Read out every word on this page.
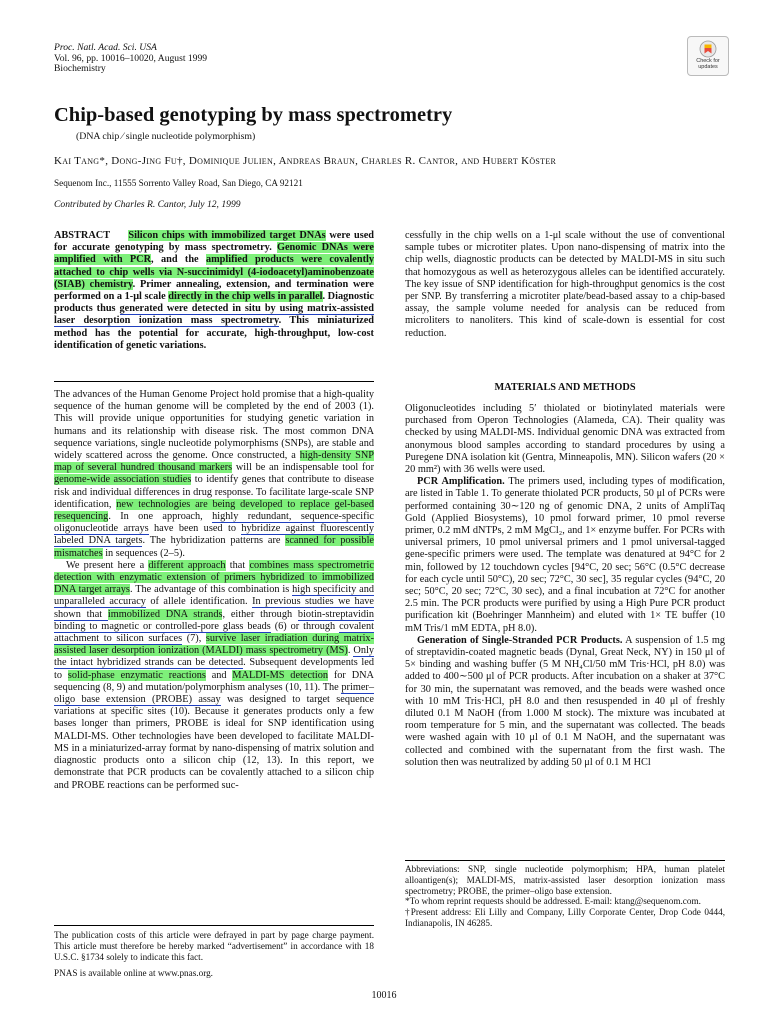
Proc. Natl. Acad. Sci. USA
Vol. 96, pp. 10016–10020, August 1999
Biochemistry
Check for updates
Chip-based genotyping by mass spectrometry
(DNA chip ⁄ single nucleotide polymorphism)
Kai Tang*, Dong-Jing Fu†, Dominique Julien, Andreas Braun, Charles R. Cantor, and Hubert Köster
Sequenom Inc., 11555 Sorrento Valley Road, San Diego, CA 92121
Contributed by Charles R. Cantor, July 12, 1999

ABSTRACT Silicon chips with immobilized target DNAs were used for accurate genotyping by mass spectrometry. Genomic DNAs were amplified with PCR, and the amplified products were covalently attached to chip wells via N-succinimidyl (4-iodoacetyl)aminobenzoate (SIAB) chemistry. Primer annealing, extension, and termination were performed on a 1-μl scale directly in the chip wells in parallel. Diagnostic products thus generated were detected in situ by using matrix-assisted laser desorption ionization mass spectrometry. This miniaturized method has the potential for accurate, high-throughput, low-cost identification of genetic variations.

The advances of the Human Genome Project hold promise that a high-quality sequence of the human genome will be completed by the end of 2003 (1). This will provide unique opportunities for studying genetic variation in humans and its relationship with disease risk. The most common DNA sequence variations, single nucleotide polymorphisms (SNPs), are stable and widely scattered across the genome. Once constructed, a high-density SNP map of several hundred thousand markers will be an indispensable tool for genome-wide association studies to identify genes that contribute to disease risk and individual differences in drug response. To facilitate large-scale SNP identification, new technologies are being developed to replace gel-based resequencing. In one approach, highly redundant, sequence-specific oligonucleotide arrays have been used to hybridize against fluorescently labeled DNA targets. The hybridization patterns are scanned for possible mismatches in sequences (2–5).

We present here a different approach that combines mass spectrometric detection with enzymatic extension of primers hybridized to immobilized DNA target arrays. The advantage of this combination is high specificity and unparalleled accuracy of allele identification. In previous studies we have shown that immobilized DNA strands, either through biotin-streptavidin binding to magnetic or controlled-pore glass beads (6) or through covalent attachment to silicon surfaces (7), survive laser irradiation during matrix-assisted laser desorption ionization (MALDI) mass spectrometry (MS). Only the intact hybridized strands can be detected. Subsequent developments led to solid-phase enzymatic reactions and MALDI-MS detection for DNA sequencing (8, 9) and mutation/polymorphism analyses (10, 11). The primer–oligo base extension (PROBE) assay was designed to target sequence variations at specific sites (10). Because it generates products only a few bases longer than primers, PROBE is ideal for SNP identification using MALDI-MS. Other technologies have been developed to facilitate MALDI-MS in a miniaturized-array format by nano-dispensing of matrix solution and diagnostic products onto a silicon chip (12, 13). In this report, we demonstrate that PCR products can be covalently attached to a silicon chip and PROBE reactions can be performed suc-

cessfully in the chip wells on a 1-μl scale without the use of conventional sample tubes or microtiter plates. Upon nano-dispensing of matrix into the chip wells, diagnostic products can be detected by MALDI-MS in situ such that homozygous as well as heterozygous alleles can be identified accurately. The key issue of SNP identification for high-throughput genomics is the cost per SNP. By transferring a microtiter plate/bead-based assay to a chip-based assay, the sample volume needed for analysis can be reduced from microliters to nanoliters. This kind of scale-down is essential for cost reduction.

MATERIALS AND METHODS

Oligonucleotides including 5′ thiolated or biotinylated materials were purchased from Operon Technologies (Alameda, CA). Their quality was checked by using MALDI-MS. Individual genomic DNA was extracted from anonymous blood samples according to standard procedures by using a Puregene DNA isolation kit (Gentra, Minneapolis, MN). Silicon wafers (20 × 20 mm²) with 36 wells were used.

PCR Amplification. The primers used, including types of modification, are listed in Table 1. To generate thiolated PCR products, 50 μl of PCRs were performed containing 30∼120 ng of genomic DNA, 2 units of AmpliTaq Gold (Applied Biosystems), 10 pmol forward primer, 10 pmol reverse primer, 0.2 mM dNTPs, 2 mM MgCl₂, and 1× enzyme buffer. For PCRs with universal primers, 10 pmol universal primers and 1 pmol universal-tagged gene-specific primers were used. The template was denatured at 94°C for 2 min, followed by 12 touchdown cycles [94°C, 20 sec; 56°C (0.5°C decrease for each cycle until 50°C), 20 sec; 72°C, 30 sec], 35 regular cycles (94°C, 20 sec; 50°C, 20 sec; 72°C, 30 sec), and a final incubation at 72°C for another 2.5 min. The PCR products were purified by using a High Pure PCR product purification kit (Boehringer Mannheim) and eluted with 1× TE buffer (10 mM Tris/1 mM EDTA, pH 8.0).

Generation of Single-Stranded PCR Products. A suspension of 1.5 mg of streptavidin-coated magnetic beads (Dynal, Great Neck, NY) in 150 μl of 5× binding and washing buffer (5 M NH₄Cl/50 mM Tris·HCl, pH 8.0) was added to 400∼500 μl of PCR products. After incubation on a shaker at 37°C for 30 min, the supernatant was removed, and the beads were washed once with 10 mM Tris·HCl, pH 8.0 and then resuspended in 40 μl of freshly diluted 0.1 M NaOH (from 1.000 M stock). The mixture was incubated at room temperature for 5 min, and the supernatant was collected. The beads were washed again with 10 μl of 0.1 M NaOH, and the supernatant was collected and combined with the supernatant from the first wash. The solution then was neutralized by adding 50 μl of 0.1 M HCl

Abbreviations: SNP, single nucleotide polymorphism; HPA, human platelet alloantigen(s); MALDI-MS, matrix-assisted laser desorption ionization mass spectrometry; PROBE, the primer–oligo base extension.

*To whom reprint requests should be addressed. E-mail: ktang@sequenom.com.

†Present address: Eli Lilly and Company, Lilly Corporate Center, Drop Code 0444, Indianapolis, IN 46285.

The publication costs of this article were defrayed in part by page charge payment. This article must therefore be hereby marked “advertisement” in accordance with 18 U.S.C. §1734 solely to indicate this fact.

PNAS is available online at www.pnas.org.

10016
